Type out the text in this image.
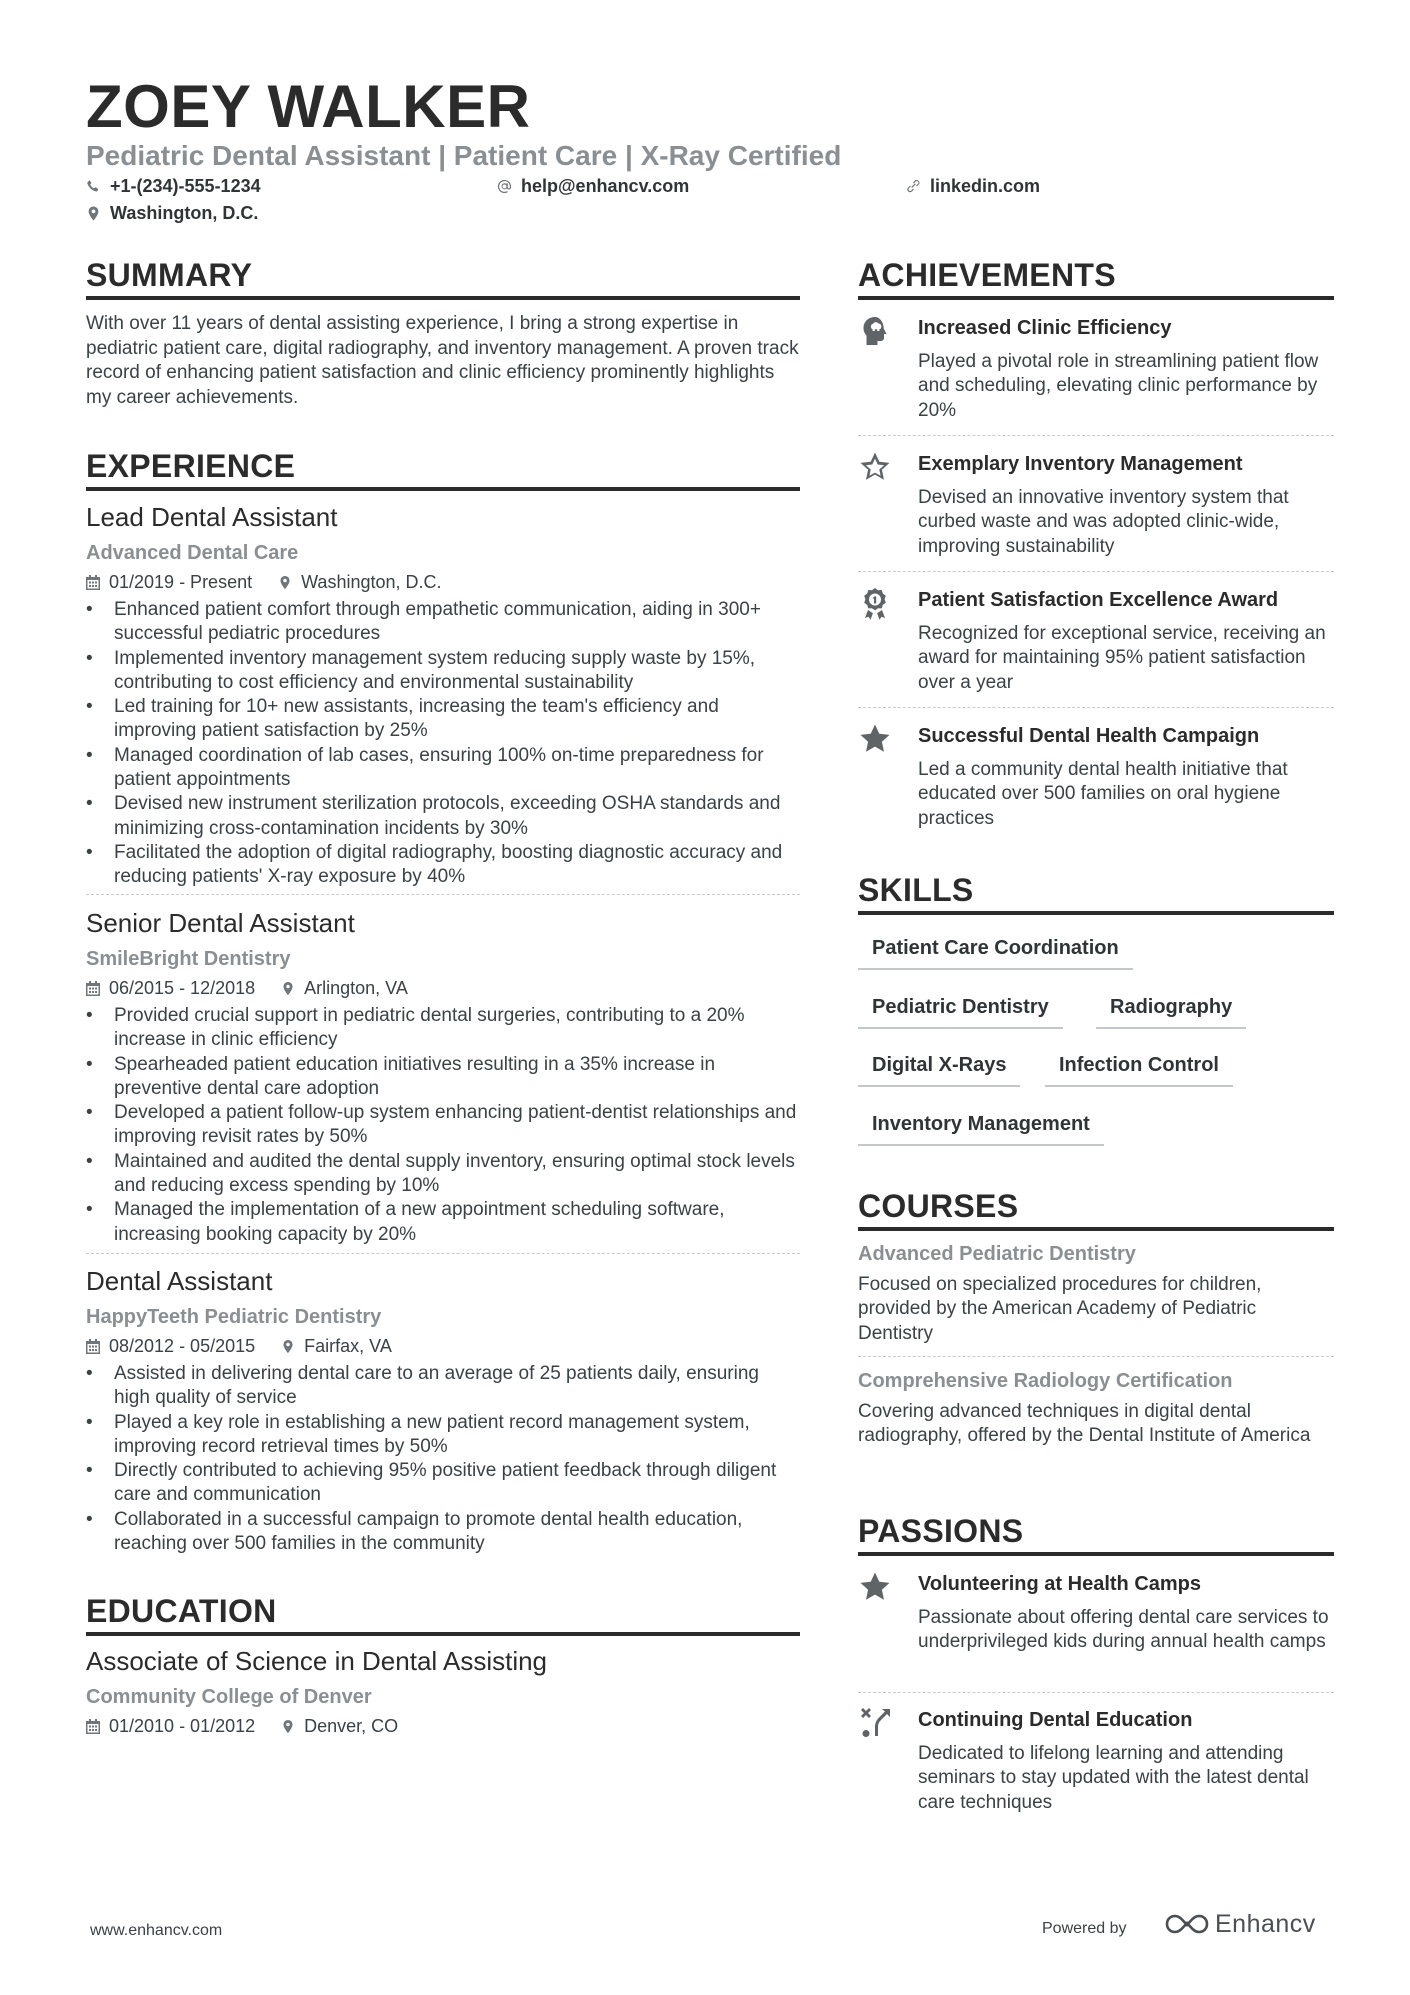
ZOEY WALKER
Pediatric Dental Assistant | Patient Care | X-Ray Certified
+1-(234)-555-1234	help@enhancv.com	linkedin.com
Washington, D.C.
SUMMARY
With over 11 years of dental assisting experience, I bring a strong expertise in pediatric patient care, digital radiography, and inventory management. A proven track record of enhancing patient satisfaction and clinic efficiency prominently highlights my career achievements.
EXPERIENCE
Lead Dental Assistant
Advanced Dental Care
01/2019 - Present	Washington, D.C.
• Enhanced patient comfort through empathetic communication, aiding in 300+ successful pediatric procedures
• Implemented inventory management system reducing supply waste by 15%, contributing to cost efficiency and environmental sustainability
• Led training for 10+ new assistants, increasing the team's efficiency and improving patient satisfaction by 25%
• Managed coordination of lab cases, ensuring 100% on-time preparedness for patient appointments
• Devised new instrument sterilization protocols, exceeding OSHA standards and minimizing cross-contamination incidents by 30%
• Facilitated the adoption of digital radiography, boosting diagnostic accuracy and reducing patients' X-ray exposure by 40%
Senior Dental Assistant
SmileBright Dentistry
06/2015 - 12/2018	Arlington, VA
• Provided crucial support in pediatric dental surgeries, contributing to a 20% increase in clinic efficiency
• Spearheaded patient education initiatives resulting in a 35% increase in preventive dental care adoption
• Developed a patient follow-up system enhancing patient-dentist relationships and improving revisit rates by 50%
• Maintained and audited the dental supply inventory, ensuring optimal stock levels and reducing excess spending by 10%
• Managed the implementation of a new appointment scheduling software, increasing booking capacity by 20%
Dental Assistant
HappyTeeth Pediatric Dentistry
08/2012 - 05/2015	Fairfax, VA
• Assisted in delivering dental care to an average of 25 patients daily, ensuring high quality of service
• Played a key role in establishing a new patient record management system, improving record retrieval times by 50%
• Directly contributed to achieving 95% positive patient feedback through diligent care and communication
• Collaborated in a successful campaign to promote dental health education, reaching over 500 families in the community
EDUCATION
Associate of Science in Dental Assisting
Community College of Denver
01/2010 - 01/2012	Denver, CO
ACHIEVEMENTS
Increased Clinic Efficiency
Played a pivotal role in streamlining patient flow and scheduling, elevating clinic performance by 20%
Exemplary Inventory Management
Devised an innovative inventory system that curbed waste and was adopted clinic-wide, improving sustainability
Patient Satisfaction Excellence Award
Recognized for exceptional service, receiving an award for maintaining 95% patient satisfaction over a year
Successful Dental Health Campaign
Led a community dental health initiative that educated over 500 families on oral hygiene practices
SKILLS
Patient Care Coordination
Pediatric Dentistry	Radiography
Digital X-Rays	Infection Control
Inventory Management
COURSES
Advanced Pediatric Dentistry
Focused on specialized procedures for children, provided by the American Academy of Pediatric Dentistry
Comprehensive Radiology Certification
Covering advanced techniques in digital dental radiography, offered by the Dental Institute of America
PASSIONS
Volunteering at Health Camps
Passionate about offering dental care services to underprivileged kids during annual health camps
Continuing Dental Education
Dedicated to lifelong learning and attending seminars to stay updated with the latest dental care techniques
www.enhancv.com	Powered by	Enhancv
